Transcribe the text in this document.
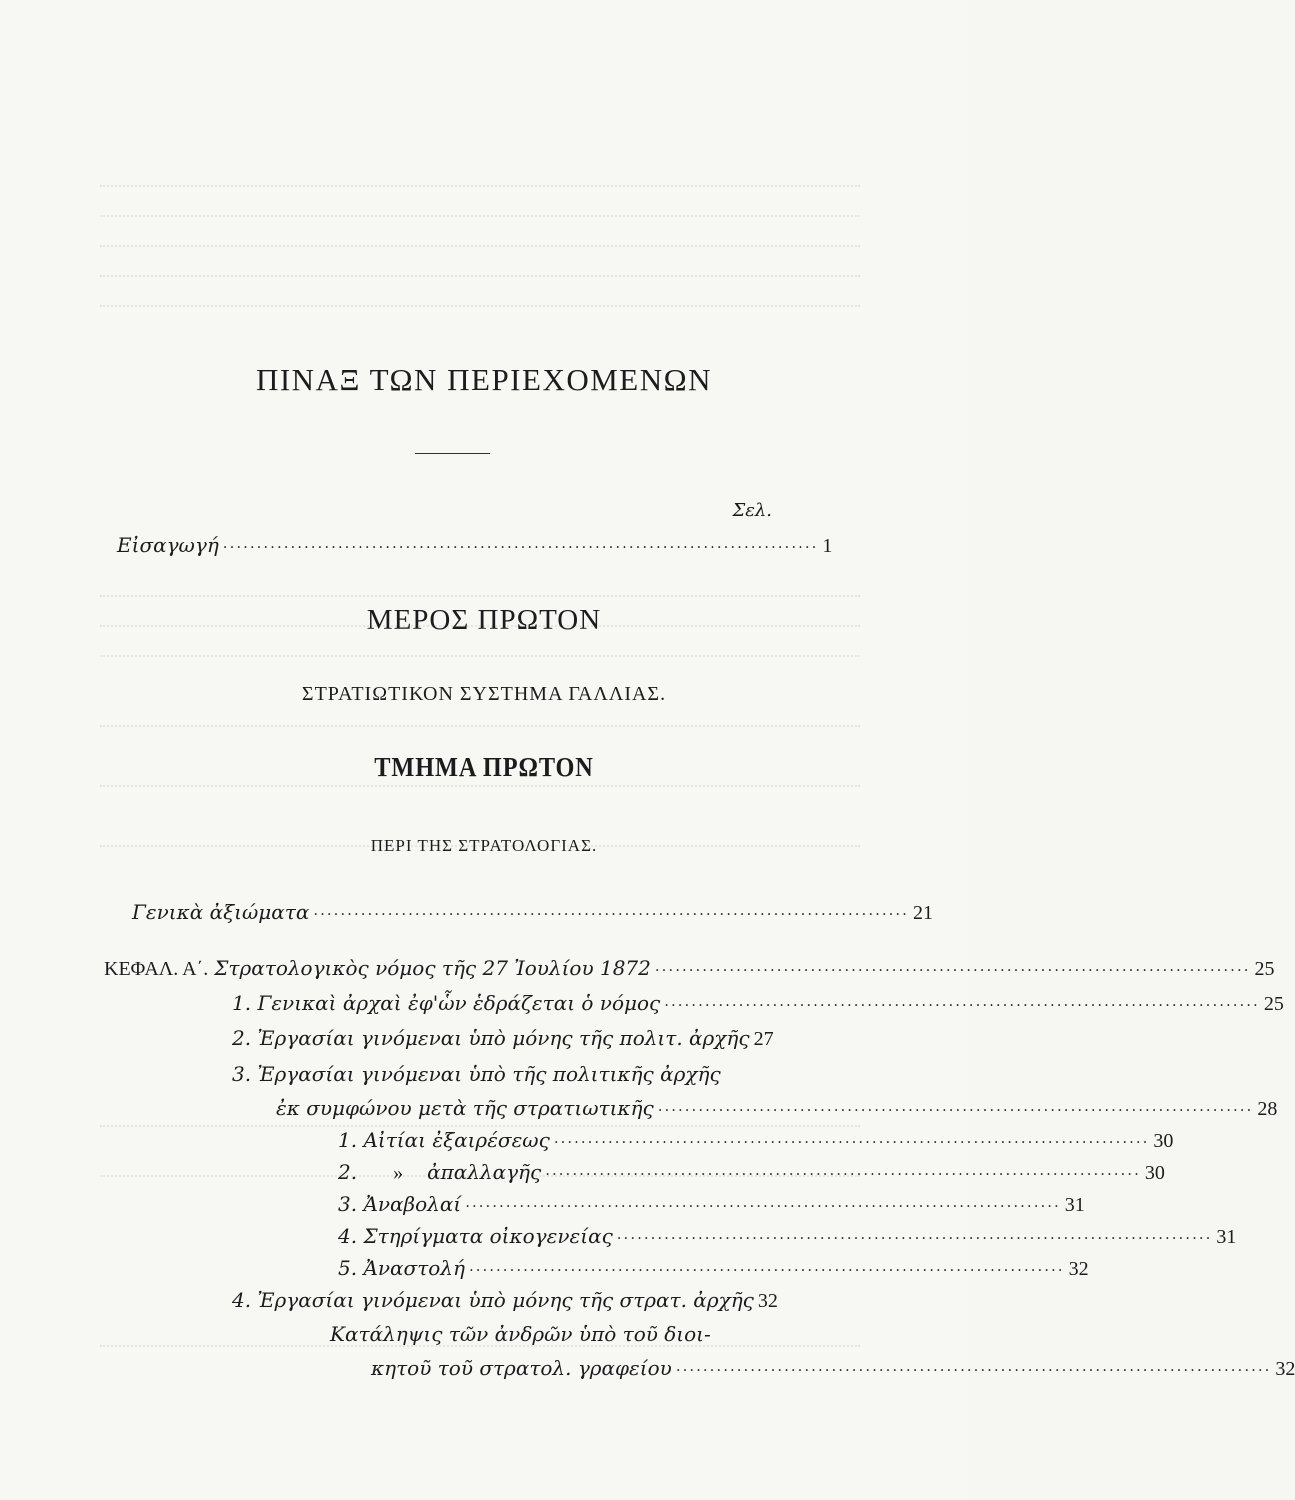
ΠΙΝΑΞ ΤΩΝ ΠΕΡΙΕΧΟΜΕΝΩΝ
Σελ.
Εἰσαγωγή ························································································ 1
ΜΕΡΟΣ ΠΡΩΤΟΝ
ΣΤΡΑΤΙΩΤΙΚΟΝ ΣΥΣΤΗΜΑ ΓΑΛΛΙΑΣ.
ΤΜΗΜΑ ΠΡΩΤΟΝ
ΠΕΡΙ ΤΗΣ ΣΤΡΑΤΟΛΟΓΙΑΣ.
Γενικὰ ἀξιώματα ························································································ 21
ΚΕΦΑΛ. Α΄. Στρατολογικὸς νόμος τῆς 27 Ἰουλίου 1872 ························································································ 25
1. Γενικαὶ ἀρχαὶ ἐφ'ὧν ἑδράζεται ὁ νόμος ························································································ 25
2. Ἐργασίαι γινόμεναι ὑπὸ μόνης τῆς πολιτ. ἀρχῆς 27
3. Ἐργασίαι γινόμεναι ὑπὸ τῆς πολιτικῆς ἀρχῆς
ἐκ συμφώνου μετὰ τῆς στρατιωτικῆς ························································································ 28
1. Αἰτίαι ἐξαιρέσεως ························································································ 30
2. » ἀπαλλαγῆς ························································································ 30
3. Ἀναβολαί ························································································ 31
4. Στηρίγματα οἰκογενείας ························································································ 31
5. Ἀναστολή ························································································ 32
4. Ἐργασίαι γινόμεναι ὑπὸ μόνης τῆς στρατ. ἀρχῆς 32
Κατάληψις τῶν ἀνδρῶν ὑπὸ τοῦ διοι-
κητοῦ τοῦ στρατολ. γραφείου ························································································ 32
